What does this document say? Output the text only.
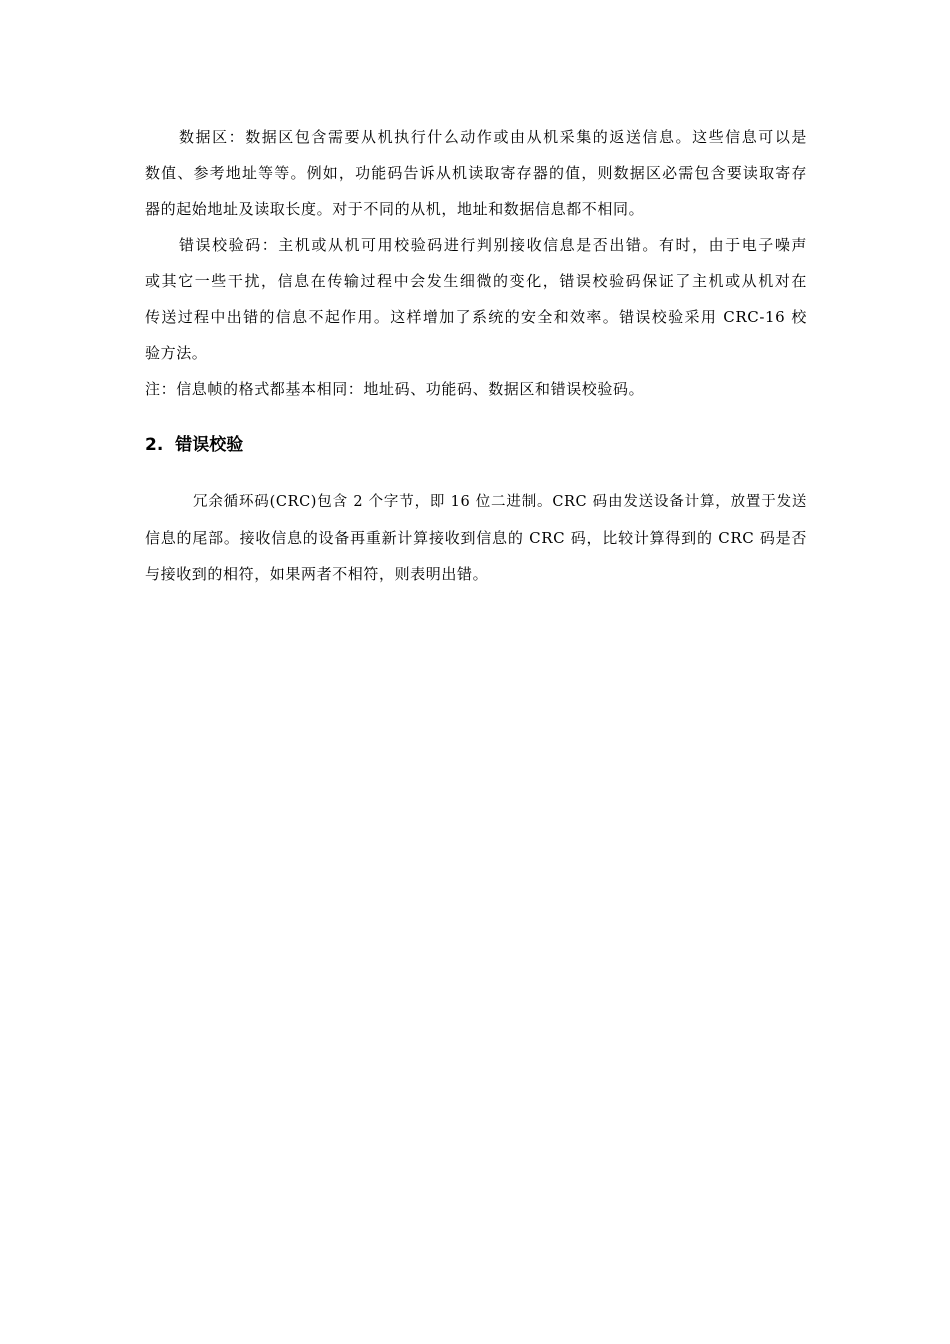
数据区：数据区包含需要从机执行什么动作或由从机采集的返送信息。这些信息可以是
数值、参考地址等等。例如，功能码告诉从机读取寄存器的值，则数据区必需包含要读取寄存
器的起始地址及读取长度。对于不同的从机，地址和数据信息都不相同。
错误校验码：主机或从机可用校验码进行判别接收信息是否出错。有时，由于电子噪声
或其它一些干扰，信息在传输过程中会发生细微的变化，错误校验码保证了主机或从机对在
传送过程中出错的信息不起作用。这样增加了系统的安全和效率。错误校验采用 CRC-16 校
验方法。
注：信息帧的格式都基本相同：地址码、功能码、数据区和错误校验码。
2. 错误校验
冗余循环码(CRC)包含 2 个字节，即 16 位二进制。CRC 码由发送设备计算，放置于发送
信息的尾部。接收信息的设备再重新计算接收到信息的 CRC 码，比较计算得到的 CRC 码是否
与接收到的相符，如果两者不相符，则表明出错。
